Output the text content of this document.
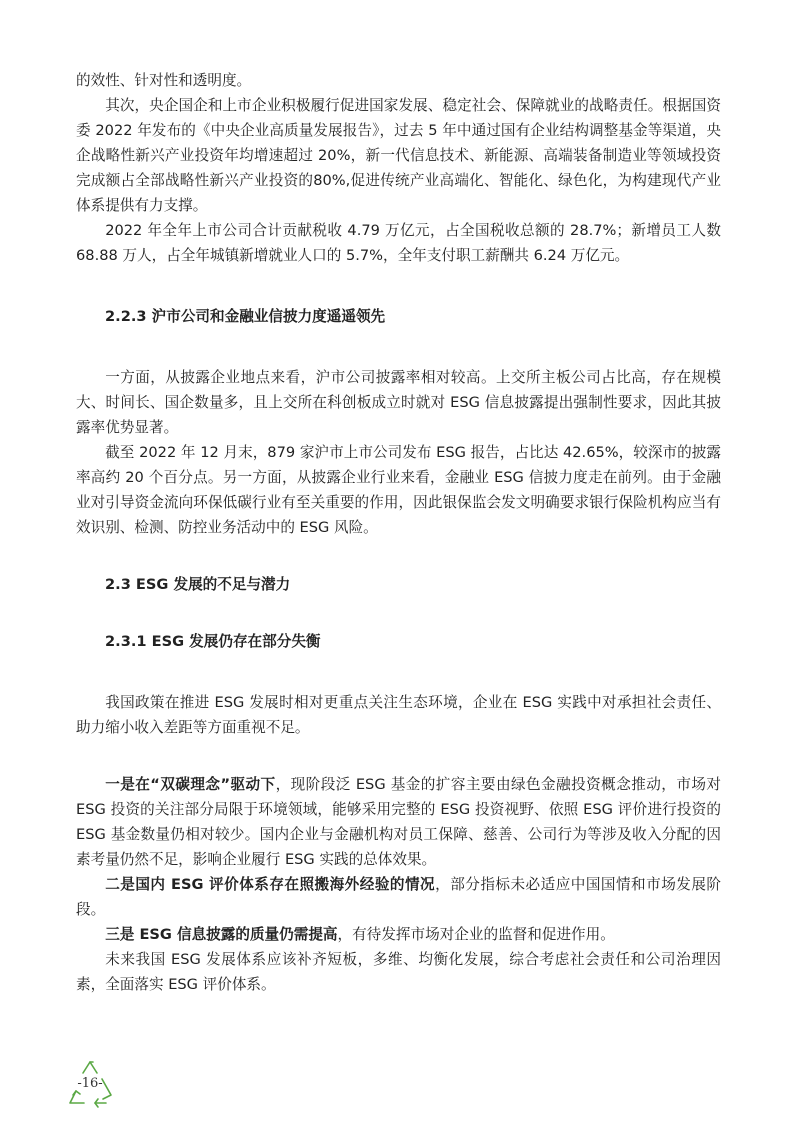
的效性、针对性和透明度。

其次，央企国企和上市企业积极履行促进国家发展、稳定社会、保障就业的战略责任。根据国资委 2022 年发布的《中央企业高质量发展报告》，过去 5 年中通过国有企业结构调整基金等渠道，央企战略性新兴产业投资年均增速超过 20%，新一代信息技术、新能源、高端装备制造业等领域投资完成额占全部战略性新兴产业投资的80%,促进传统产业高端化、智能化、绿色化，为构建现代产业体系提供有力支撑。

2022 年全年上市公司合计贡献税收 4.79 万亿元，占全国税收总额的 28.7%；新增员工人数 68.88 万人，占全年城镇新增就业人口的 5.7%，全年支付职工薪酬共 6.24 万亿元。

2.2.3 沪市公司和金融业信披力度遥遥领先

一方面，从披露企业地点来看，沪市公司披露率相对较高。上交所主板公司占比高，存在规模大、时间长、国企数量多，且上交所在科创板成立时就对 ESG 信息披露提出强制性要求，因此其披露率优势显著。

截至 2022 年 12 月末，879 家沪市上市公司发布 ESG 报告，占比达 42.65%，较深市的披露率高约 20 个百分点。另一方面，从披露企业行业来看，金融业 ESG 信披力度走在前列。由于金融业对引导资金流向环保低碳行业有至关重要的作用，因此银保监会发文明确要求银行保险机构应当有效识别、检测、防控业务活动中的 ESG 风险。

2.3 ESG 发展的不足与潜力
2.3.1 ESG 发展仍存在部分失衡

我国政策在推进 ESG 发展时相对更重点关注生态环境，企业在 ESG 实践中对承担社会责任、助力缩小收入差距等方面重视不足。

一是在“双碳理念”驱动下，现阶段泛 ESG 基金的扩容主要由绿色金融投资概念推动，市场对 ESG 投资的关注部分局限于环境领域，能够采用完整的 ESG 投资视野、依照 ESG 评价进行投资的 ESG 基金数量仍相对较少。国内企业与金融机构对员工保障、慈善、公司行为等涉及收入分配的因素考量仍然不足，影响企业履行 ESG 实践的总体效果。

二是国内 ESG 评价体系存在照搬海外经验的情况，部分指标未必适应中国国情和市场发展阶段。

三是 ESG 信息披露的质量仍需提高，有待发挥市场对企业的监督和促进作用。

未来我国 ESG 发展体系应该补齐短板，多维、均衡化发展，综合考虑社会责任和公司治理因素，全面落实 ESG 评价体系。

-16-
